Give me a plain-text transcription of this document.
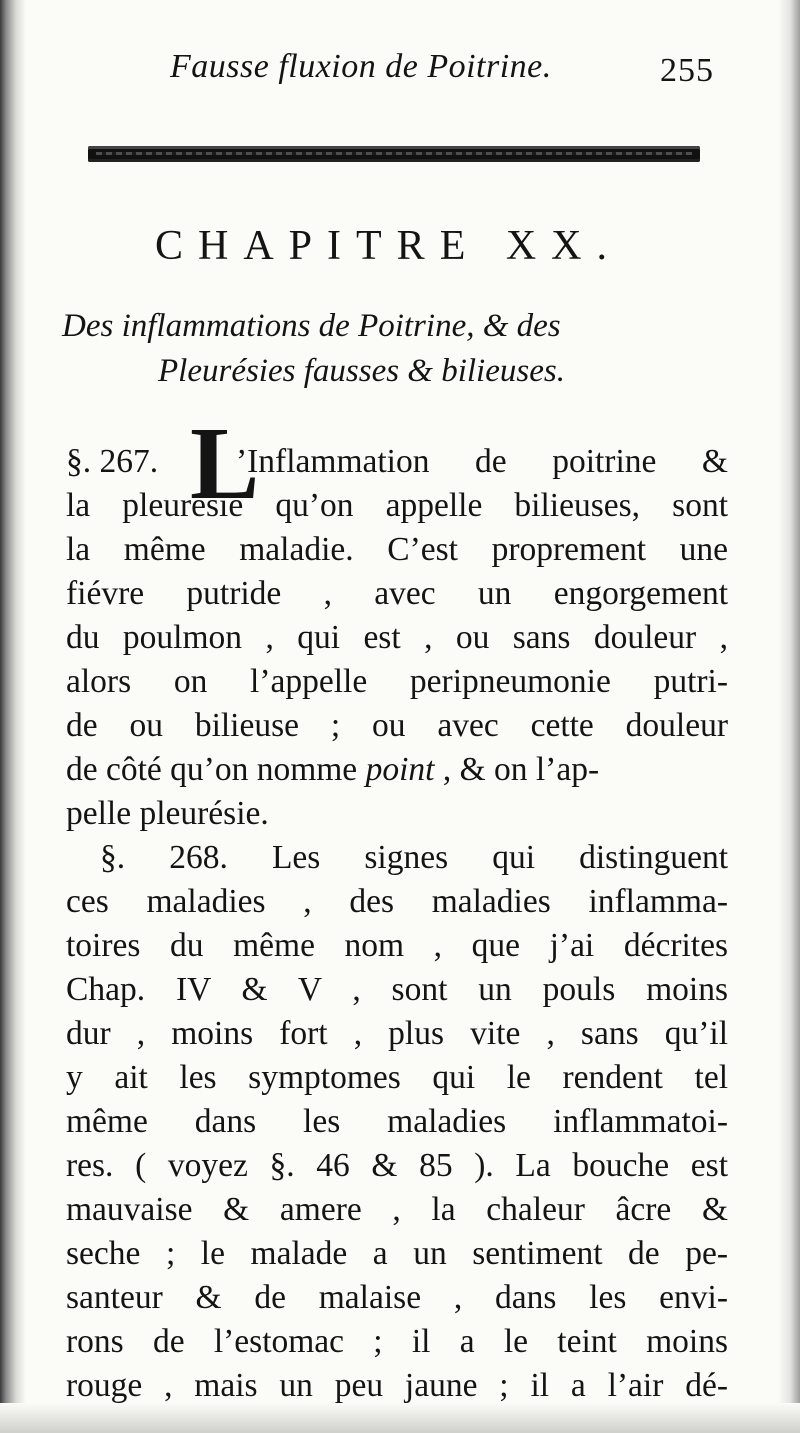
Fausse fluxion de Poitrine.	255
CHAPITRE XX.
Des inflammations de Poitrine, & des
Pleurésies fausses & bilieuses.
§. 267. L
’Inflammation de poitrine &
la pleurésie qu’on appelle bilieuses, sont
la même maladie. C’est proprement une
fiévre putride , avec un engorgement
du poulmon , qui est , ou sans douleur ,
alors on l’appelle peripneumonie putri-
de ou bilieuse ; ou avec cette douleur
de côté qu’on nomme point , & on l’ap-
pelle pleurésie.
§. 268. Les signes qui distinguent
ces maladies , des maladies inflamma-
toires du même nom , que j’ai décrites
Chap. IV & V , sont un pouls moins
dur , moins fort , plus vite , sans qu’il
y ait les symptomes qui le rendent tel
même dans les maladies inflammatoi-
res. ( voyez §. 46 & 85 ). La bouche est
mauvaise & amere , la chaleur âcre &
seche ; le malade a un sentiment de pe-
santeur & de malaise , dans les envi-
rons de l’estomac ; il a le teint moins
rouge , mais un peu jaune ; il a l’air dé-
